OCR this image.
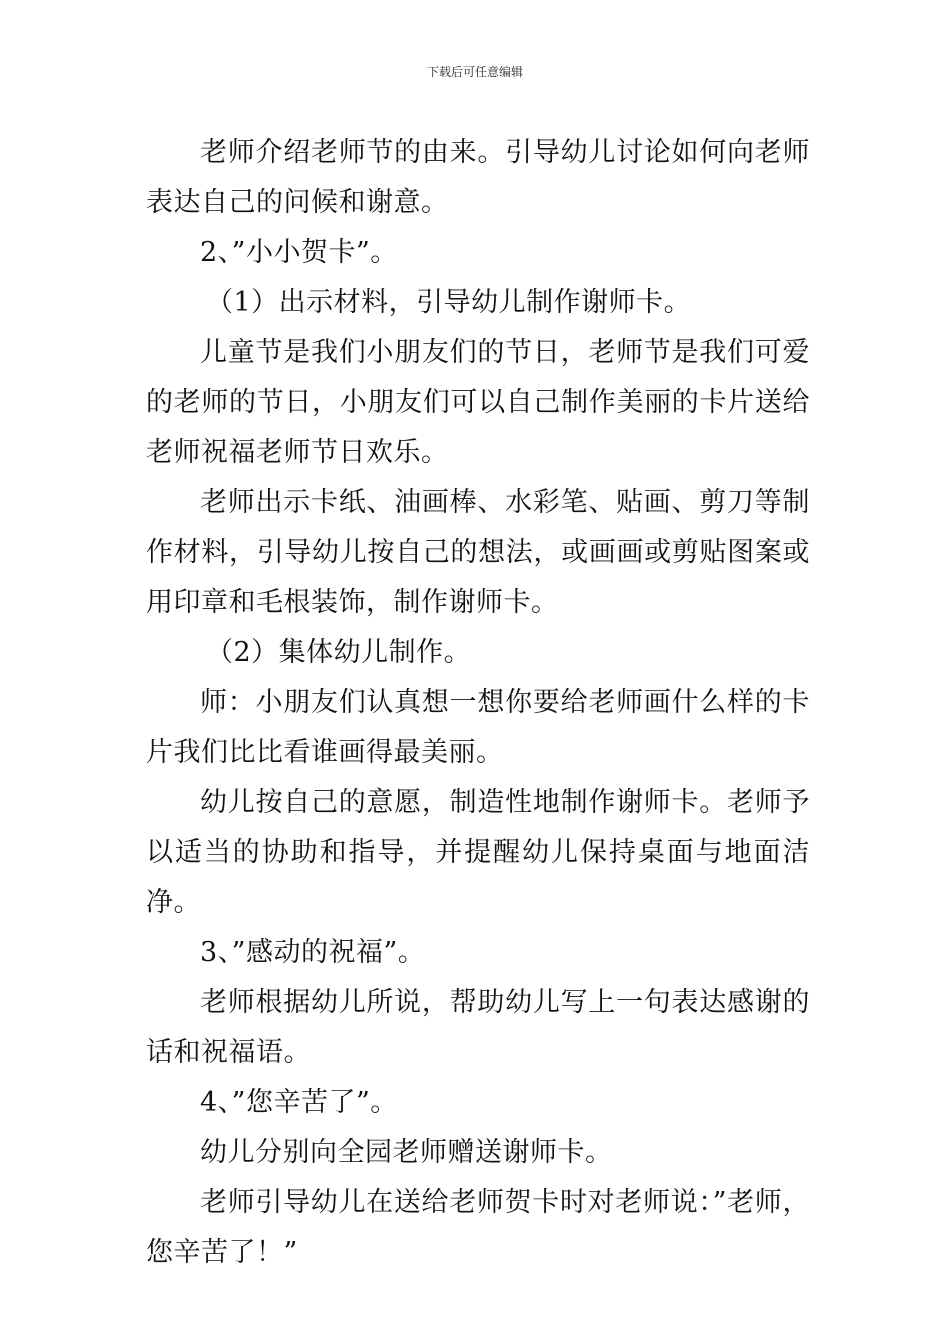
下载后可任意编辑

老师介绍老师节的由来。引导幼儿讨论如何向老师表达自己的问候和谢意。

2、”小小贺卡”。

（1）出示材料，引导幼儿制作谢师卡。

儿童节是我们小朋友们的节日，老师节是我们可爱的老师的节日，小朋友们可以自己制作美丽的卡片送给老师祝福老师节日欢乐。

老师出示卡纸、油画棒、水彩笔、贴画、剪刀等制作材料，引导幼儿按自己的想法，或画画或剪贴图案或用印章和毛根装饰，制作谢师卡。

（2）集体幼儿制作。

师：小朋友们认真想一想你要给老师画什么样的卡片我们比比看谁画得最美丽。

幼儿按自己的意愿，制造性地制作谢师卡。老师予以适当的协助和指导，并提醒幼儿保持桌面与地面洁净。

3、”感动的祝福”。

老师根据幼儿所说，帮助幼儿写上一句表达感谢的话和祝福语。

4、”您辛苦了”。

幼儿分别向全园老师赠送谢师卡。

老师引导幼儿在送给老师贺卡时对老师说：”老师，您辛苦了！”
